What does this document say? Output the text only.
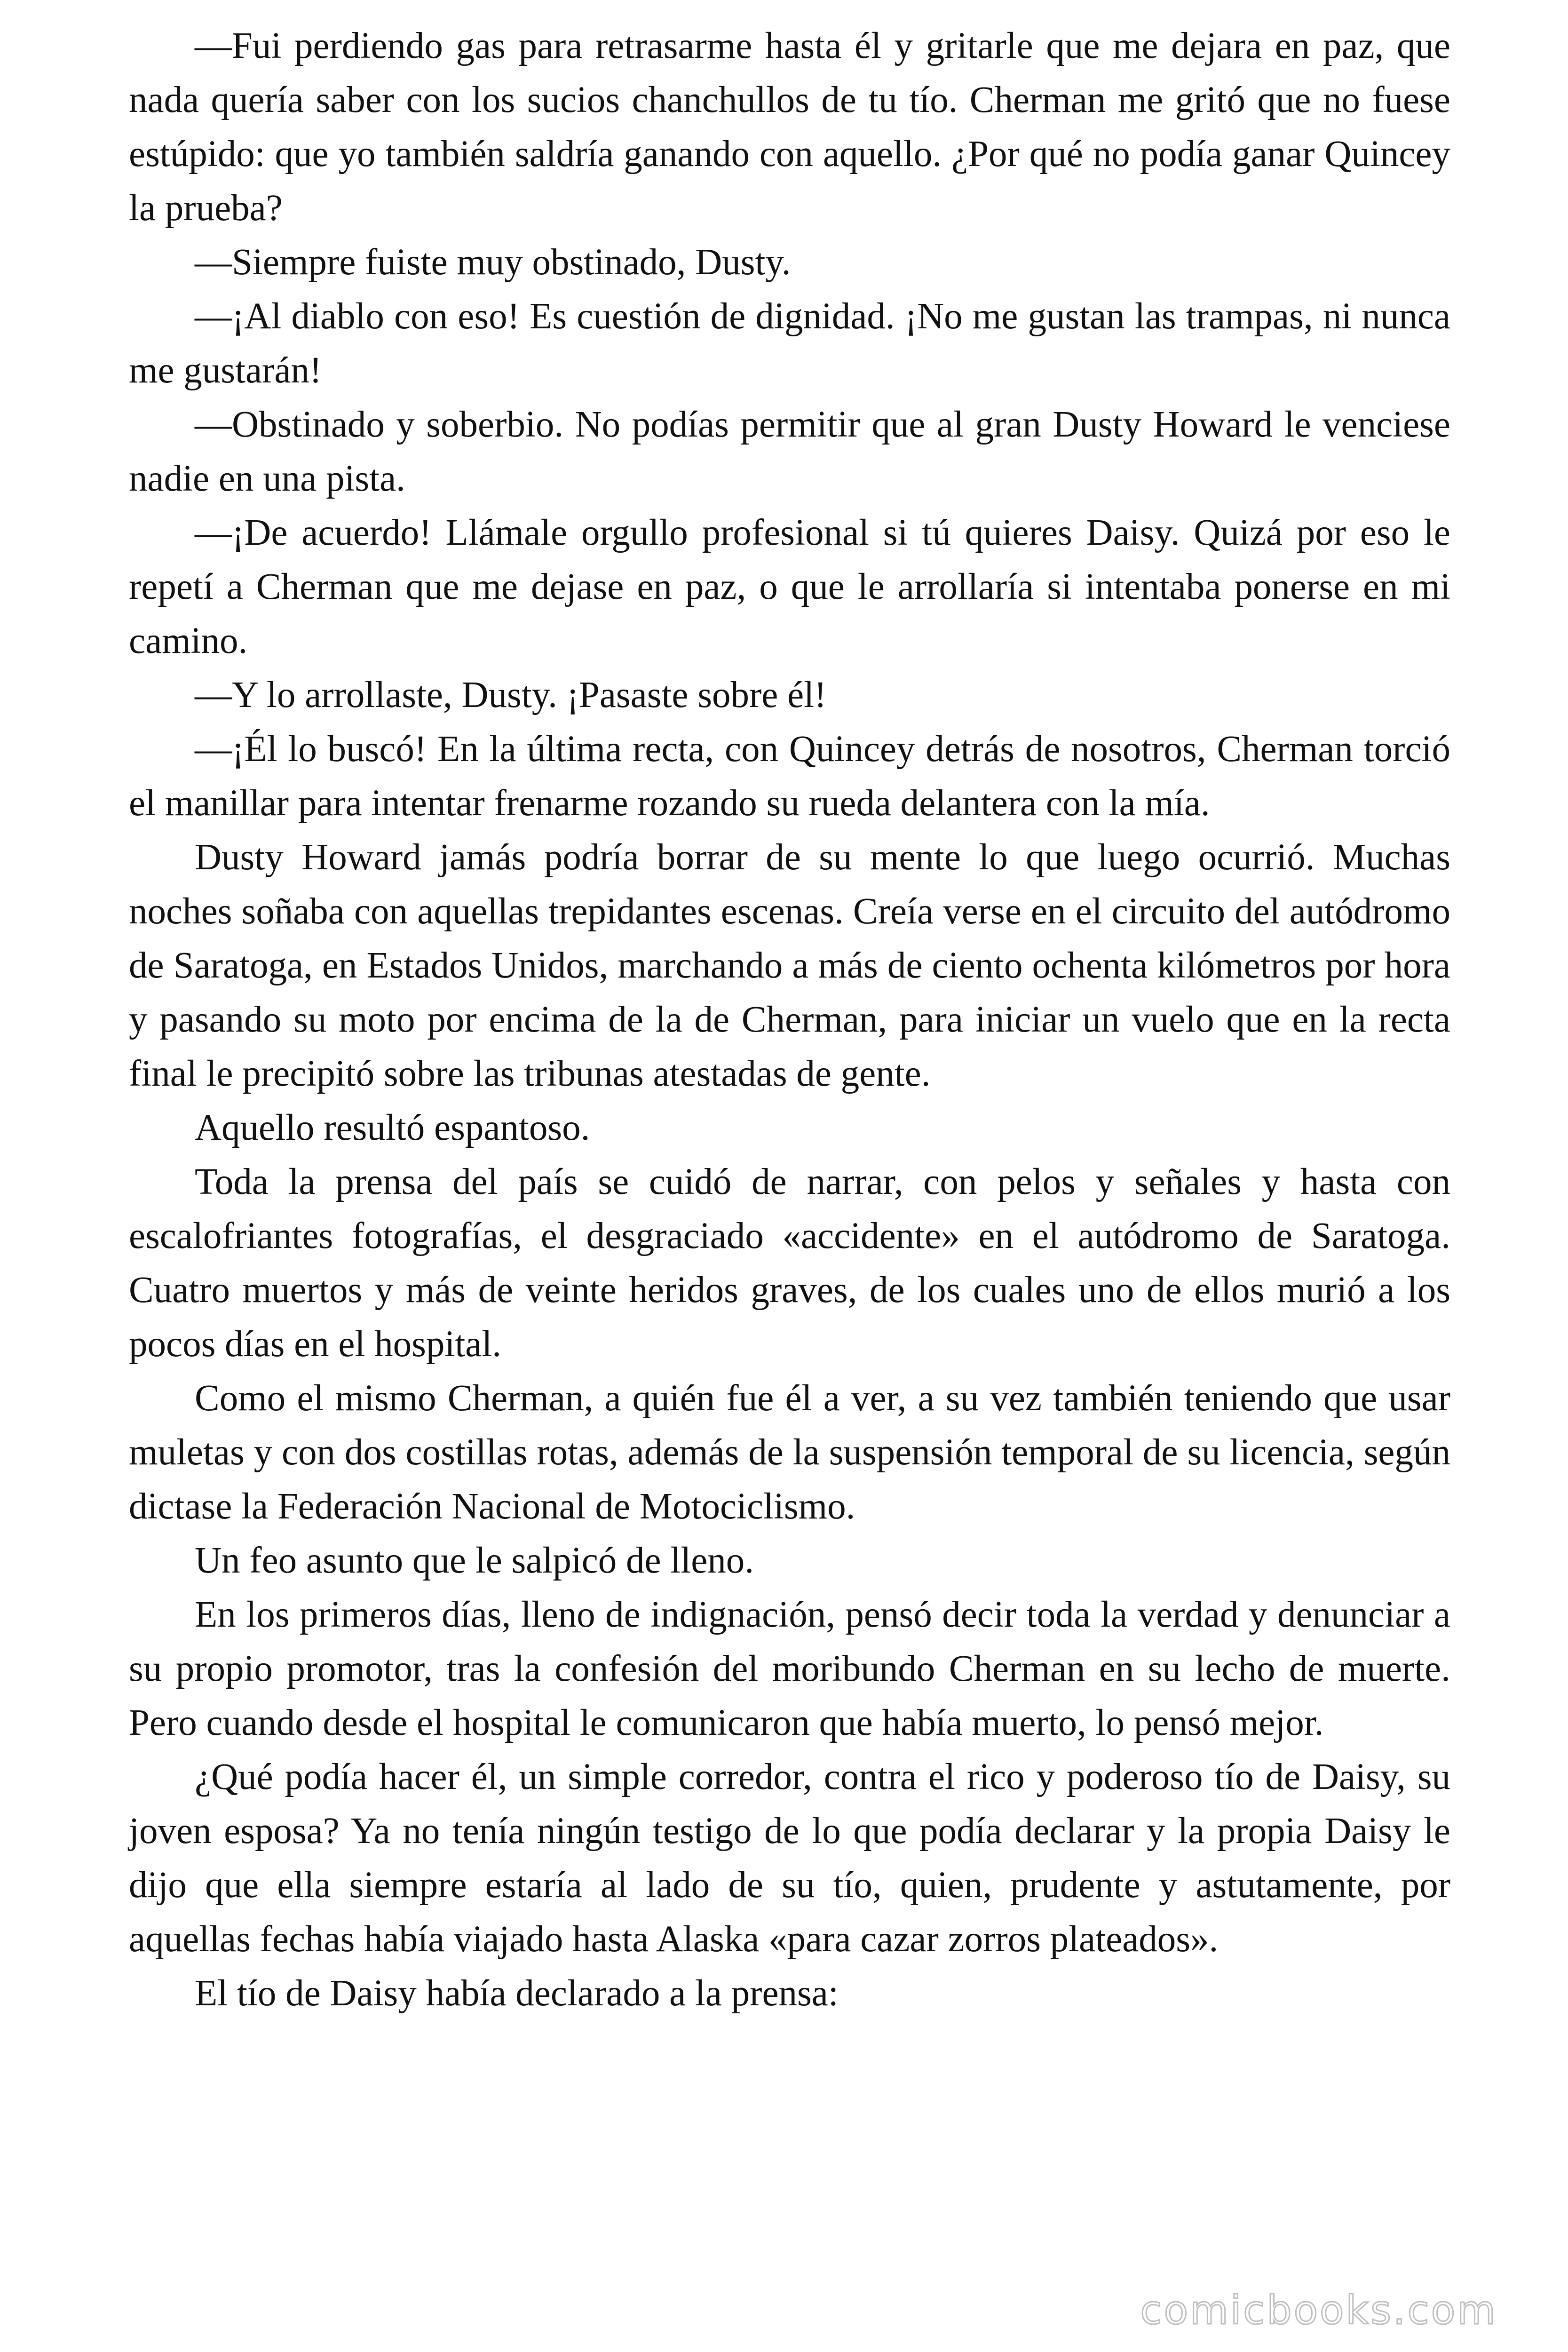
—Fui perdiendo gas para retrasarme hasta él y gritarle que me dejara en paz, que nada quería saber con los sucios chanchullos de tu tío. Cherman me gritó que no fuese estúpido: que yo también saldría ganando con aquello. ¿Por qué no podía ganar Quincey la prueba?

—Siempre fuiste muy obstinado, Dusty.

—¡Al diablo con eso! Es cuestión de dignidad. ¡No me gustan las trampas, ni nunca me gustarán!

—Obstinado y soberbio. No podías permitir que al gran Dusty Howard le venciese nadie en una pista.

—¡De acuerdo! Llámale orgullo profesional si tú quieres Daisy. Quizá por eso le repetí a Cherman que me dejase en paz, o que le arrollaría si intentaba ponerse en mi camino.

—Y lo arrollaste, Dusty. ¡Pasaste sobre él!

—¡Él lo buscó! En la última recta, con Quincey detrás de nosotros, Cherman torció el manillar para intentar frenarme rozando su rueda delantera con la mía.

Dusty Howard jamás podría borrar de su mente lo que luego ocurrió. Muchas noches soñaba con aquellas trepidantes escenas. Creía verse en el circuito del autódromo de Saratoga, en Estados Unidos, marchando a más de ciento ochenta kilómetros por hora y pasando su moto por encima de la de Cherman, para iniciar un vuelo que en la recta final le precipitó sobre las tribunas atestadas de gente.

Aquello resultó espantoso.

Toda la prensa del país se cuidó de narrar, con pelos y señales y hasta con escalofriantes fotografías, el desgraciado «accidente» en el autódromo de Saratoga. Cuatro muertos y más de veinte heridos graves, de los cuales uno de ellos murió a los pocos días en el hospital.

Como el mismo Cherman, a quién fue él a ver, a su vez también teniendo que usar muletas y con dos costillas rotas, además de la suspensión temporal de su licencia, según dictase la Federación Nacional de Motociclismo.

Un feo asunto que le salpicó de lleno.

En los primeros días, lleno de indignación, pensó decir toda la verdad y denunciar a su propio promotor, tras la confesión del moribundo Cherman en su lecho de muerte. Pero cuando desde el hospital le comunicaron que había muerto, lo pensó mejor.

¿Qué podía hacer él, un simple corredor, contra el rico y poderoso tío de Daisy, su joven esposa? Ya no tenía ningún testigo de lo que podía declarar y la propia Daisy le dijo que ella siempre estaría al lado de su tío, quien, prudente y astutamente, por aquellas fechas había viajado hasta Alaska «para cazar zorros plateados».

El tío de Daisy había declarado a la prensa:

comicbooks.com
